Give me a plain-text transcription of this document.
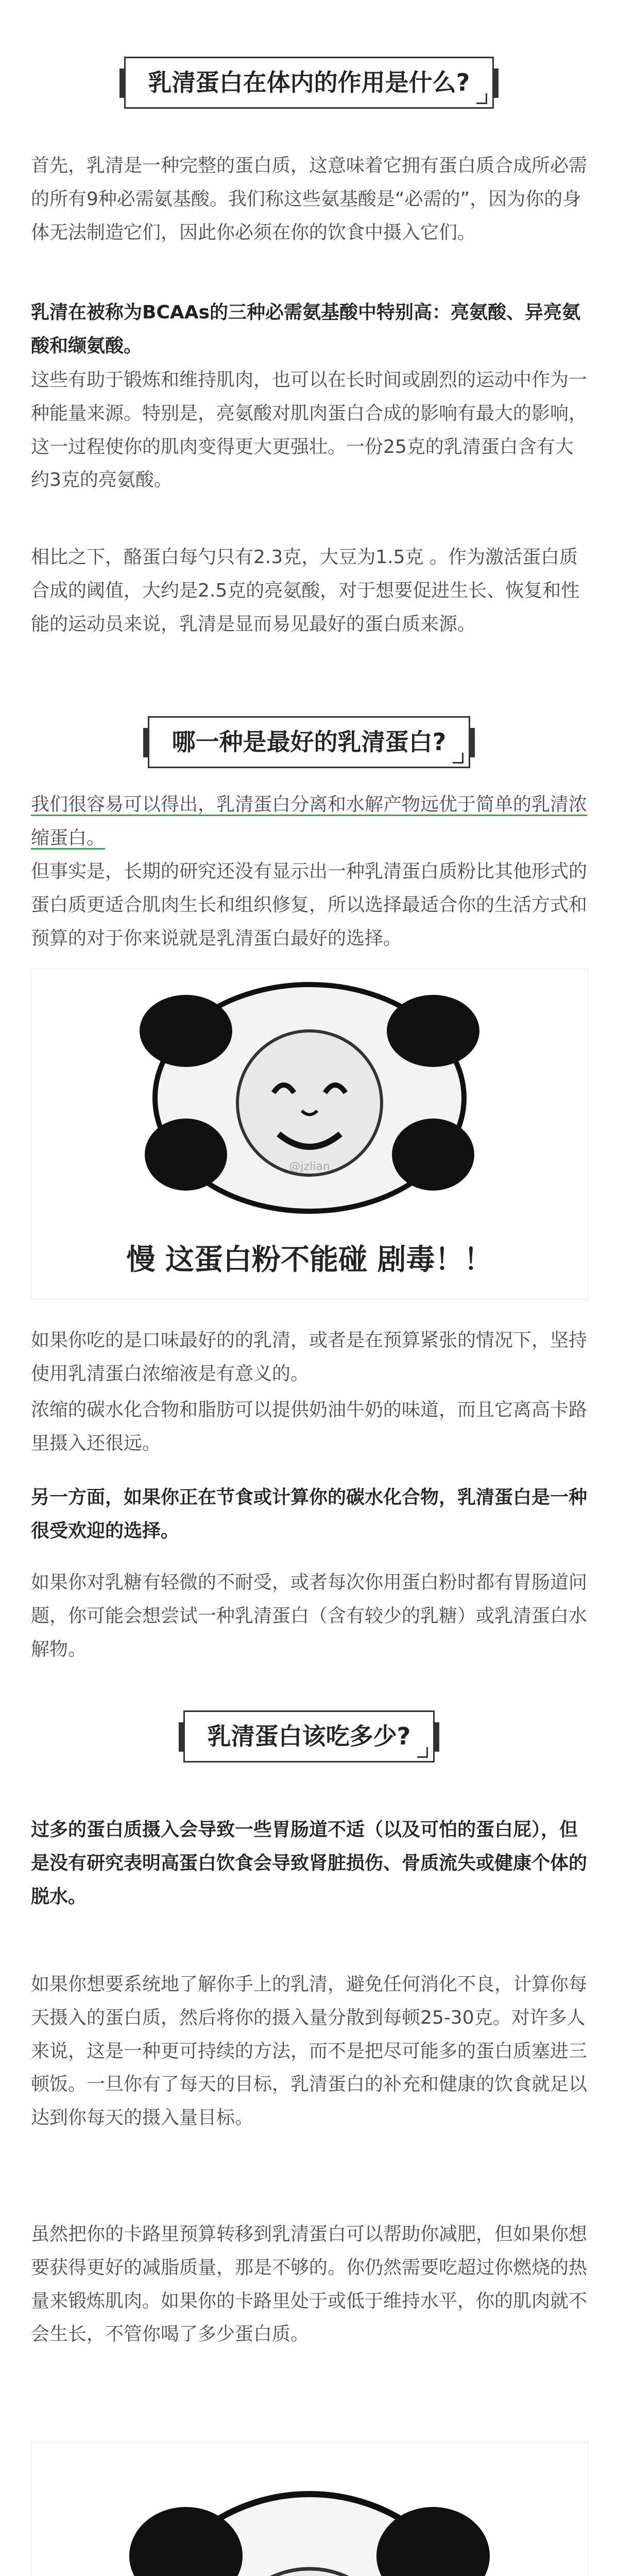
乳清蛋白在体内的作用是什么?

首先，乳清是一种完整的蛋白质，这意味着它拥有蛋白质合成所必需的所有9种必需氨基酸。我们称这些氨基酸是“必需的”，因为你的身体无法制造它们，因此你必须在你的饮食中摄入它们。

乳清在被称为BCAAs的三种必需氨基酸中特别高：亮氨酸、异亮氨酸和缬氨酸。

这些有助于锻炼和维持肌肉，也可以在长时间或剧烈的运动中作为一种能量来源。特别是，亮氨酸对肌肉蛋白合成的影响有最大的影响，这一过程使你的肌肉变得更大更强壮。一份25克的乳清蛋白含有大约3克的亮氨酸。

相比之下，酪蛋白每勺只有2.3克，大豆为1.5克 。作为激活蛋白质合成的阈值，大约是2.5克的亮氨酸，对于想要促进生长、恢复和性能的运动员来说，乳清是显而易见最好的蛋白质来源。

哪一种是最好的乳清蛋白?

我们很容易可以得出，乳清蛋白分离和水解产物远优于简单的乳清浓缩蛋白。

但事实是，长期的研究还没有显示出一种乳清蛋白质粉比其他形式的蛋白质更适合肌肉生长和组织修复，所以选择最适合你的生活方式和预算的对于你来说就是乳清蛋白最好的选择。

@jzlian
慢 这蛋白粉不能碰 剧毒！！

如果你吃的是口味最好的的乳清，或者是在预算紧张的情况下，坚持使用乳清蛋白浓缩液是有意义的。

浓缩的碳水化合物和脂肪可以提供奶油牛奶的味道，而且它离高卡路里摄入还很远。

另一方面，如果你正在节食或计算你的碳水化合物，乳清蛋白是一种很受欢迎的选择。

如果你对乳糖有轻微的不耐受，或者每次你用蛋白粉时都有胃肠道问题，你可能会想尝试一种乳清蛋白（含有较少的乳糖）或乳清蛋白水解物。

乳清蛋白该吃多少?

过多的蛋白质摄入会导致一些胃肠道不适（以及可怕的蛋白屁），但是没有研究表明高蛋白饮食会导致肾脏损伤、骨质流失或健康个体的脱水。

如果你想要系统地了解你手上的乳清，避免任何消化不良，计算你每天摄入的蛋白质，然后将你的摄入量分散到每顿25-30克。对许多人来说，这是一种更可持续的方法，而不是把尽可能多的蛋白质塞进三顿饭。一旦你有了每天的目标，乳清蛋白的补充和健康的饮食就足以达到你每天的摄入量目标。

虽然把你的卡路里预算转移到乳清蛋白可以帮助你减肥，但如果你想要获得更好的减脂质量，那是不够的。你仍然需要吃超过你燃烧的热量来锻炼肌肉。如果你的卡路里处于或低于维持水平，你的肌肉就不会生长，不管你喝了多少蛋白质。
